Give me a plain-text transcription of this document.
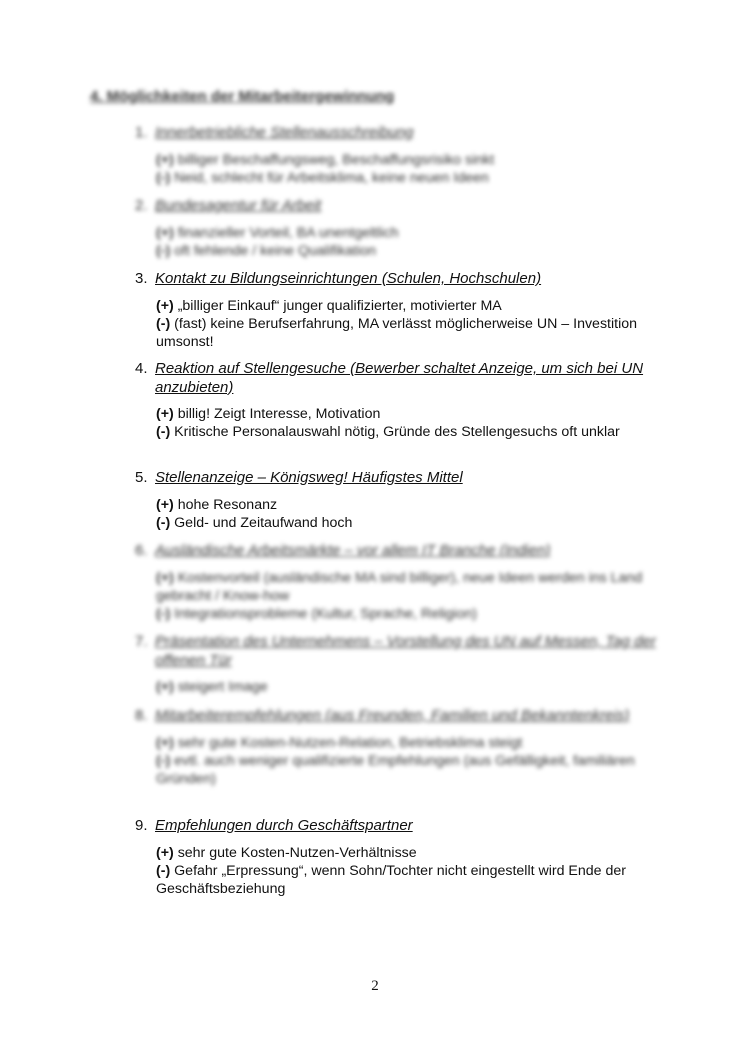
4. Möglichkeiten der Mitarbeitergewinnung
1. Innerbetriebliche Stellenausschreibung
(+) billiger Beschaffungsweg, Beschaffungsrisiko sinkt
(-) Neid, schlecht für Arbeitsklima, keine neuen Ideen
2. Bundesagentur für Arbeit
(+) finanzieller Vorteil, BA unentgeltlich
(-) oft fehlende / keine Qualifikation
3. Kontakt zu Bildungseinrichtungen (Schulen, Hochschulen)
(+) „billiger Einkauf“ junger qualifizierter, motivierter MA
(-) (fast) keine Berufserfahrung, MA verlässt möglicherweise UN – Investition umsonst!
4. Reaktion auf Stellengesuche (Bewerber schaltet Anzeige, um sich bei UN anzubieten)
(+) billig! Zeigt Interesse, Motivation
(-) Kritische Personalauswahl nötig, Gründe des Stellengesuchs oft unklar
5. Stellenanzeige – Königsweg! Häufigstes Mittel
(+) hohe Resonanz
(-) Geld- und Zeitaufwand hoch
6. Ausländische Arbeitsmärkte – vor allem IT Branche (Indien)
(+) Kostenvorteil (ausländische MA sind billiger), neue Ideen werden ins Land gebracht / Know-how
(-) Integrationsprobleme (Kultur, Sprache, Religion)
7. Präsentation des Unternehmens – Vorstellung des UN auf Messen, Tag der offenen Tür
(+) steigert Image
8. Mitarbeiterempfehlungen (aus Freunden, Familien und Bekanntenkreis)
(+) sehr gute Kosten-Nutzen-Relation, Betriebsklima steigt
(-) evtl. auch weniger qualifizierte Empfehlungen (aus Gefälligkeit, familiären Gründen)
9. Empfehlungen durch Geschäftspartner
(+) sehr gute Kosten-Nutzen-Verhältnisse
(-) Gefahr „Erpressung“, wenn Sohn/Tochter nicht eingestellt wird Ende der Geschäftsbeziehung
2
